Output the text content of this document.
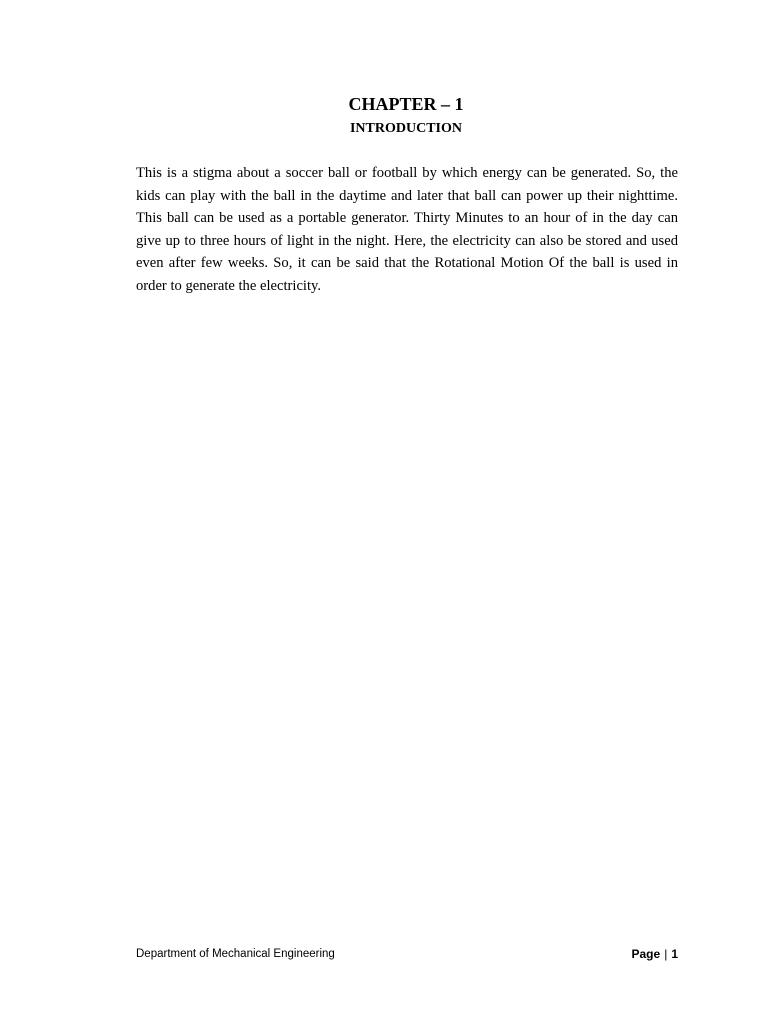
CHAPTER – 1
INTRODUCTION

This is a stigma about a soccer ball or football by which energy can be generated. So, the kids can play with the ball in the daytime and later that ball can power up their nighttime. This ball can be used as a portable generator. Thirty Minutes to an hour of in the day can give up to three hours of light in the night. Here, the electricity can also be stored and used even after few weeks. So, it can be said that the Rotational Motion Of the ball is used in order to generate the electricity.

Department of Mechanical Engineering	Page | 1
